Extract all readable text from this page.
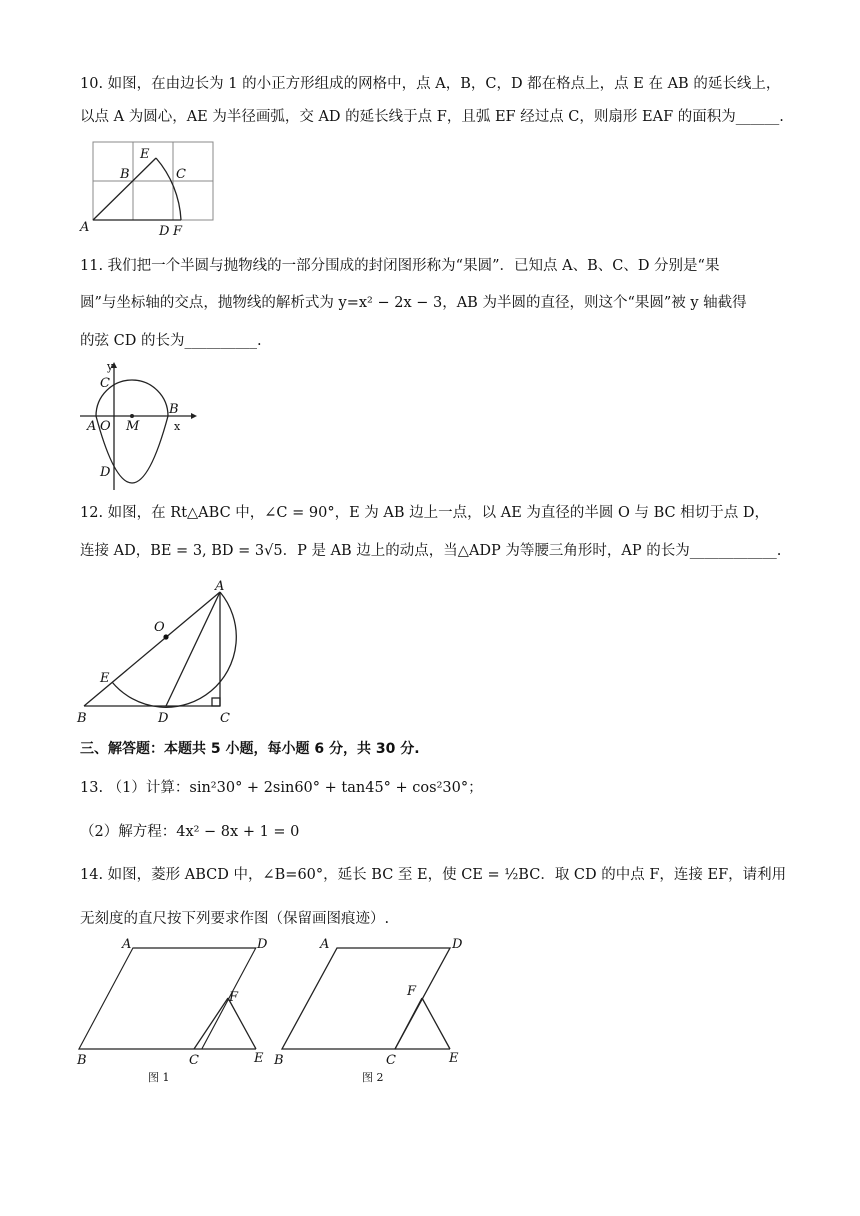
10. 如图，在由边长为 1 的小正方形组成的网格中，点 A，B，C，D 都在格点上，点 E 在 AB 的延长线上，
以点 A 为圆心，AE 为半径画弧，交 AD 的延长线于点 F，且弧 EF 经过点 C，则扇形 EAF 的面积为______.
A
B	C
D
E
F
11. 我们把一个半圆与抛物线的一部分围成的封闭图形称为“果圆”．已知点 A、B、C、D 分别是“果
圆”与坐标轴的交点，抛物线的解析式为 y=x² − 2x − 3，AB 为半圆的直径，则这个“果圆”被 y 轴截得
的弦 CD 的长为__________.
y
x
C
A O M
B
D
12. 如图，在 Rt△ABC 中，∠C = 90°，E 为 AB 边上一点，以 AE 为直径的半圆 O 与 BC 相切于点 D，
连接 AD，BE = 3, BD = 3√5．P 是 AB 边上的动点，当△ADP 为等腰三角形时，AP 的长为____________.
A
O
E
B	D	C
三、解答题：本题共 5 小题，每小题 6 分，共 30 分.
13. （1）计算：sin²30° + 2sin60° + tan45° + cos²30°；
（2）解方程：4x² − 8x + 1 = 0
14. 如图，菱形 ABCD 中，∠B=60°，延长 BC 至 E，使 CE = ½BC．取 CD 的中点 F，连接 EF，请利用
无刻度的直尺按下列要求作图（保留画图痕迹）.
A	D
F
B	C	E
图 1
A	D
F
B	C	E
图 2
